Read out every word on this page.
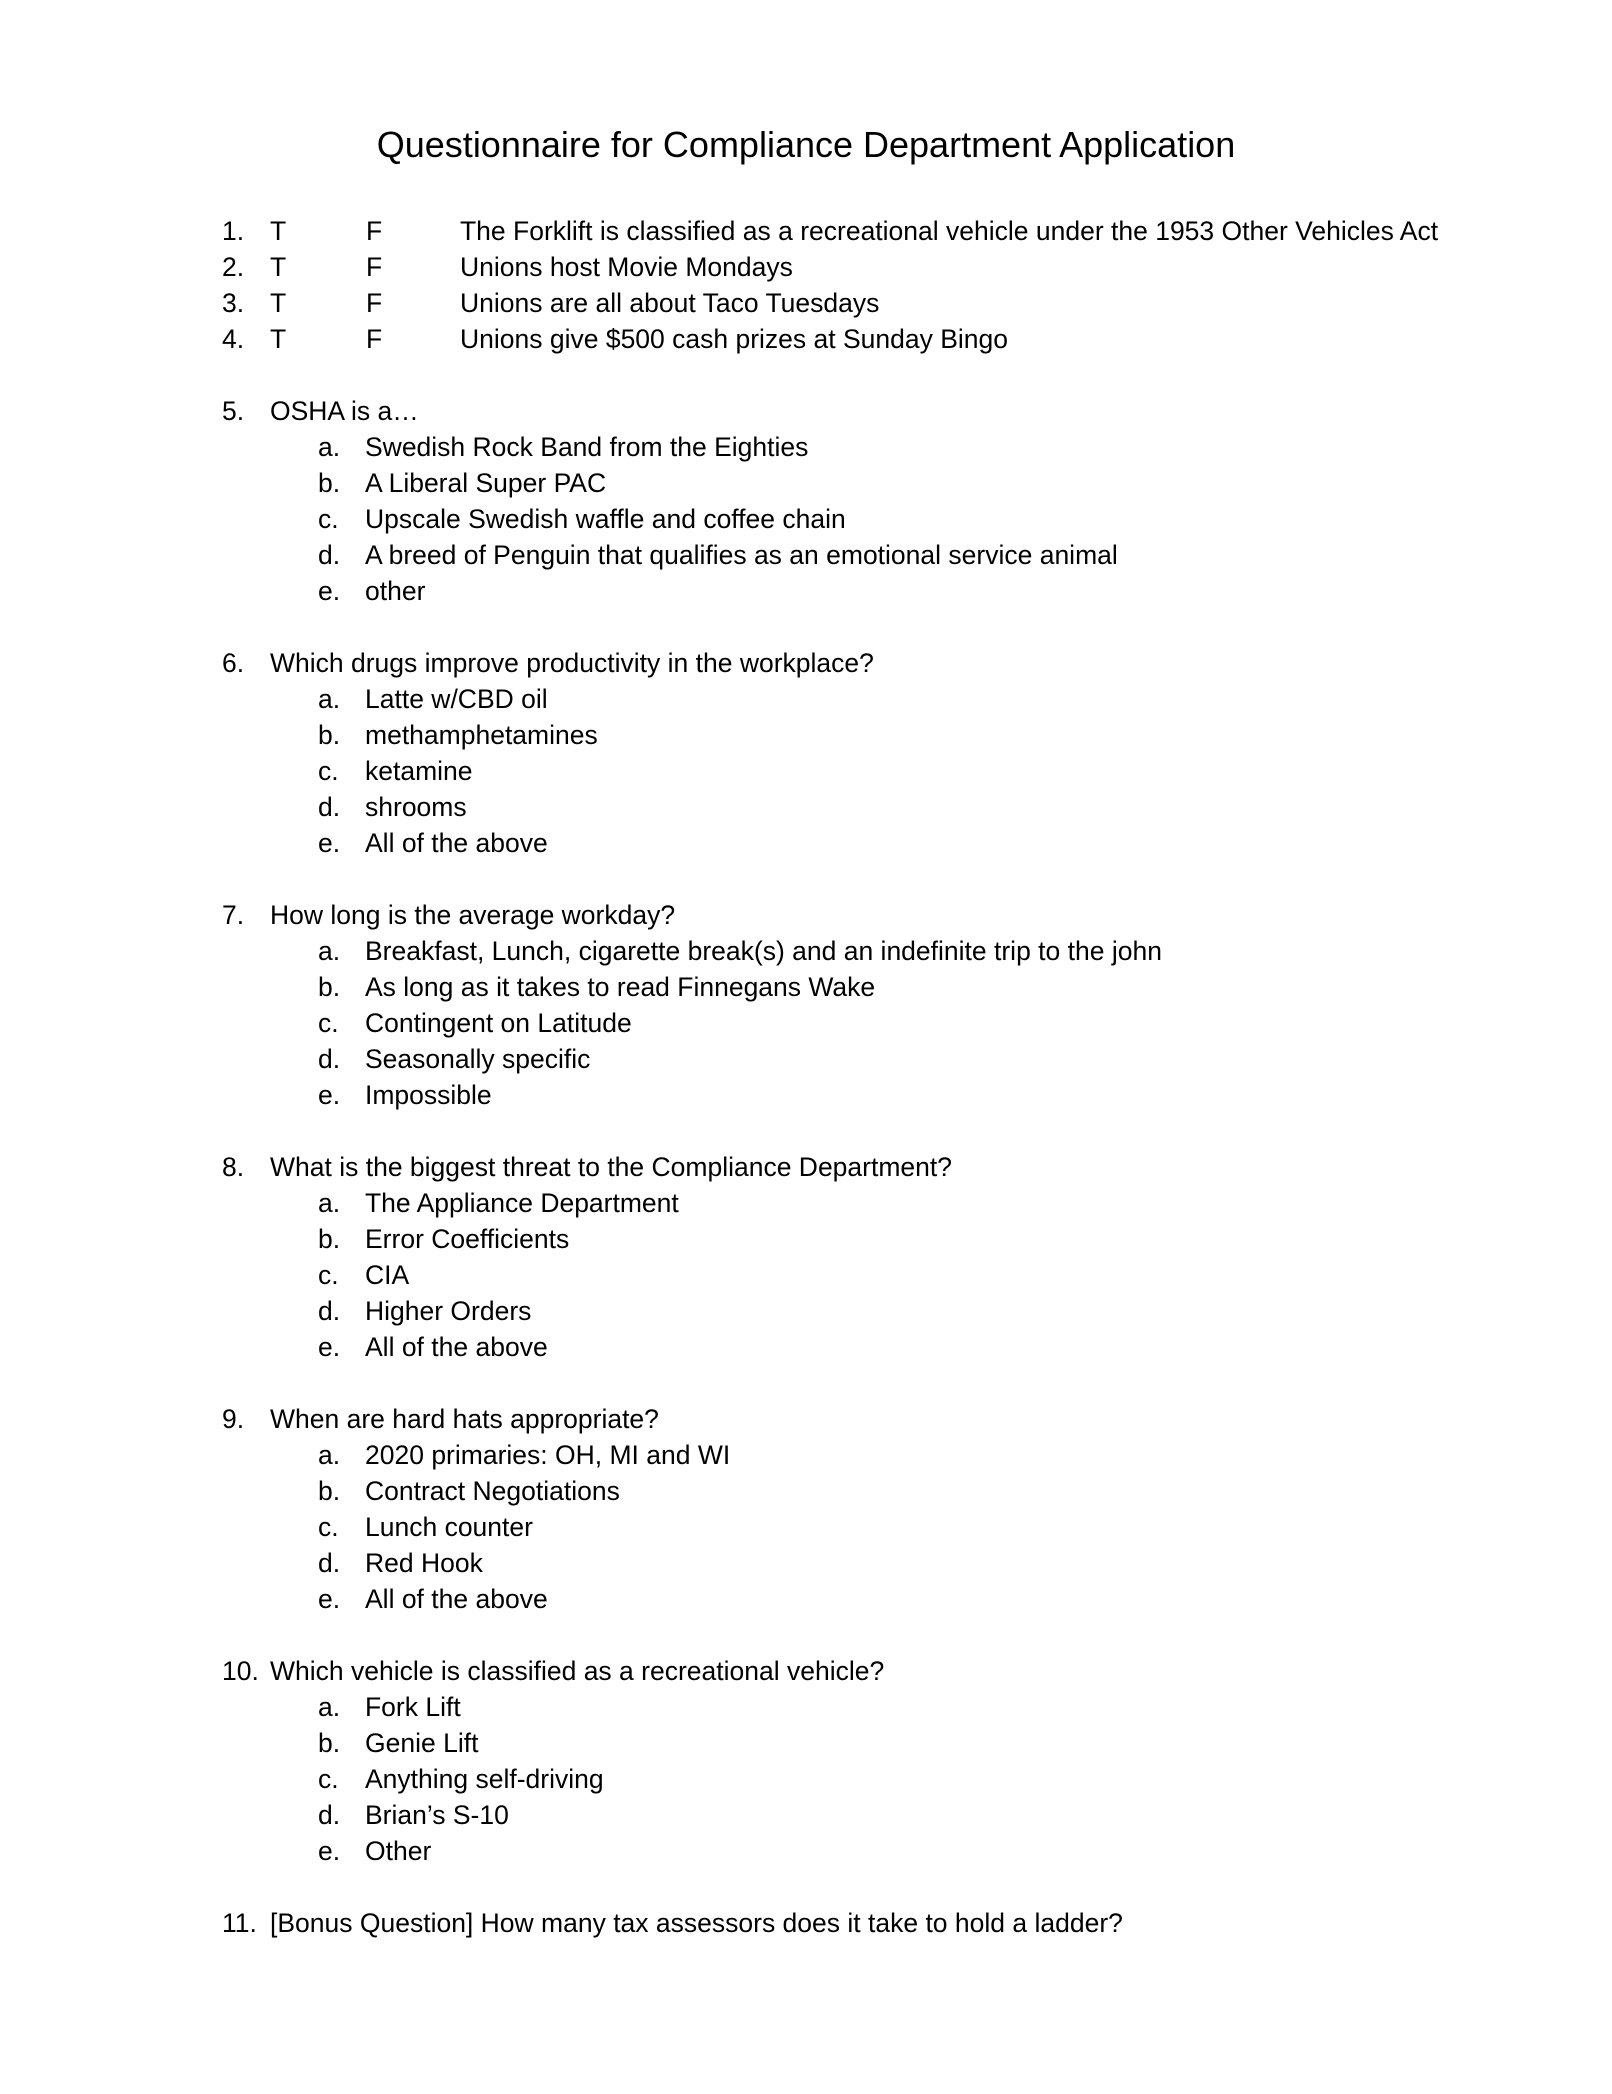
Questionnaire for Compliance Department Application
1. T	F	The Forklift is classified as a recreational vehicle under the 1953 Other Vehicles Act
2. T	F	Unions host Movie Mondays
3. T	F	Unions are all about Taco Tuesdays
4. T	F	Unions give $500 cash prizes at Sunday Bingo
5. OSHA is a…
a. Swedish Rock Band from the Eighties
b. A Liberal Super PAC
c. Upscale Swedish waffle and coffee chain
d. A breed of Penguin that qualifies as an emotional service animal
e. other
6. Which drugs improve productivity in the workplace?
a. Latte w/CBD oil
b. methamphetamines
c. ketamine
d. shrooms
e. All of the above
7. How long is the average workday?
a. Breakfast, Lunch, cigarette break(s) and an indefinite trip to the john
b. As long as it takes to read Finnegans Wake
c. Contingent on Latitude
d. Seasonally specific
e. Impossible
8. What is the biggest threat to the Compliance Department?
a. The Appliance Department
b. Error Coefficients
c. CIA
d. Higher Orders
e. All of the above
9. When are hard hats appropriate?
a. 2020 primaries: OH, MI and WI
b. Contract Negotiations
c. Lunch counter
d. Red Hook
e. All of the above
10. Which vehicle is classified as a recreational vehicle?
a. Fork Lift
b. Genie Lift
c. Anything self-driving
d. Brian’s S-10
e. Other
11. [Bonus Question] How many tax assessors does it take to hold a ladder?
